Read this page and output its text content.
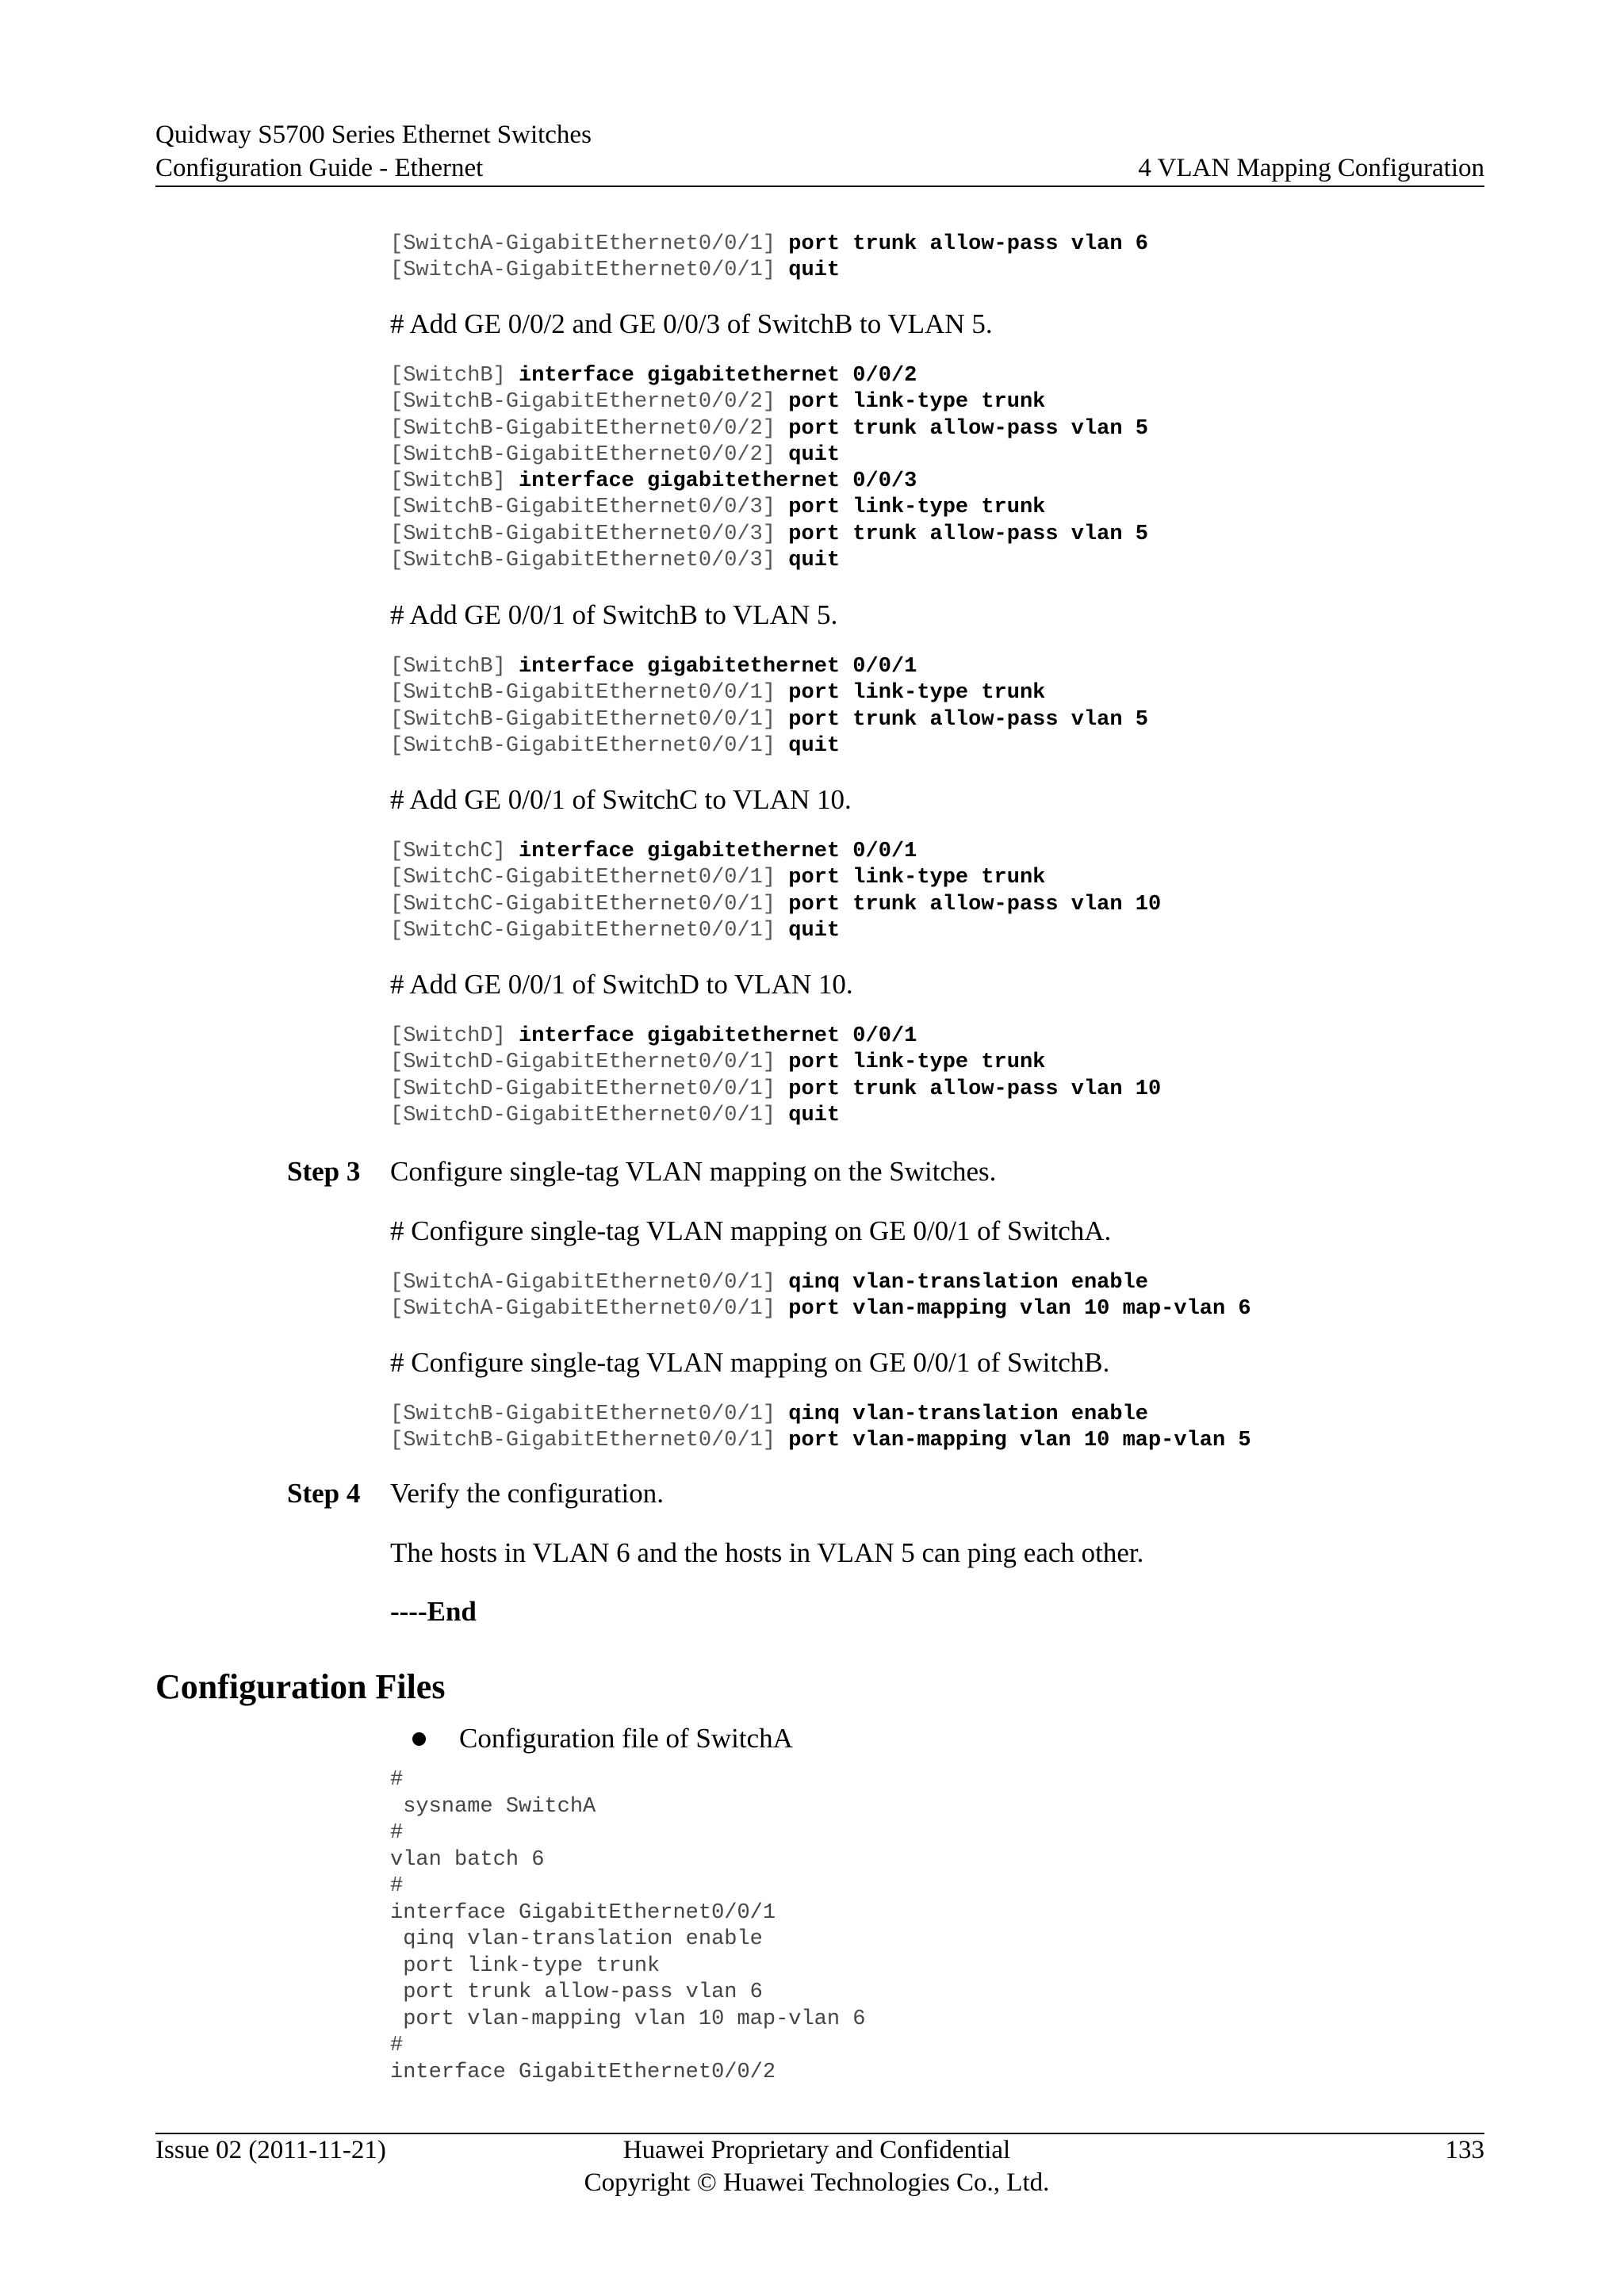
Quidway S5700 Series Ethernet Switches
Configuration Guide - Ethernet	4 VLAN Mapping Configuration
[SwitchA-GigabitEthernet0/0/1] port trunk allow-pass vlan 6
[SwitchA-GigabitEthernet0/0/1] quit
# Add GE 0/0/2 and GE 0/0/3 of SwitchB to VLAN 5.
[SwitchB] interface gigabitethernet 0/0/2
[SwitchB-GigabitEthernet0/0/2] port link-type trunk
[SwitchB-GigabitEthernet0/0/2] port trunk allow-pass vlan 5
[SwitchB-GigabitEthernet0/0/2] quit
[SwitchB] interface gigabitethernet 0/0/3
[SwitchB-GigabitEthernet0/0/3] port link-type trunk
[SwitchB-GigabitEthernet0/0/3] port trunk allow-pass vlan 5
[SwitchB-GigabitEthernet0/0/3] quit
# Add GE 0/0/1 of SwitchB to VLAN 5.
[SwitchB] interface gigabitethernet 0/0/1
[SwitchB-GigabitEthernet0/0/1] port link-type trunk
[SwitchB-GigabitEthernet0/0/1] port trunk allow-pass vlan 5
[SwitchB-GigabitEthernet0/0/1] quit
# Add GE 0/0/1 of SwitchC to VLAN 10.
[SwitchC] interface gigabitethernet 0/0/1
[SwitchC-GigabitEthernet0/0/1] port link-type trunk
[SwitchC-GigabitEthernet0/0/1] port trunk allow-pass vlan 10
[SwitchC-GigabitEthernet0/0/1] quit
# Add GE 0/0/1 of SwitchD to VLAN 10.
[SwitchD] interface gigabitethernet 0/0/1
[SwitchD-GigabitEthernet0/0/1] port link-type trunk
[SwitchD-GigabitEthernet0/0/1] port trunk allow-pass vlan 10
[SwitchD-GigabitEthernet0/0/1] quit
Step 3 Configure single-tag VLAN mapping on the Switches.
# Configure single-tag VLAN mapping on GE 0/0/1 of SwitchA.
[SwitchA-GigabitEthernet0/0/1] qinq vlan-translation enable
[SwitchA-GigabitEthernet0/0/1] port vlan-mapping vlan 10 map-vlan 6
# Configure single-tag VLAN mapping on GE 0/0/1 of SwitchB.
[SwitchB-GigabitEthernet0/0/1] qinq vlan-translation enable
[SwitchB-GigabitEthernet0/0/1] port vlan-mapping vlan 10 map-vlan 5
Step 4 Verify the configuration.
The hosts in VLAN 6 and the hosts in VLAN 5 can ping each other.
----End
Configuration Files
Configuration file of SwitchA
#
sysname SwitchA
#
vlan batch 6
#
interface GigabitEthernet0/0/1
qinq vlan-translation enable
port link-type trunk
port trunk allow-pass vlan 6
port vlan-mapping vlan 10 map-vlan 6
#
interface GigabitEthernet0/0/2
Issue 02 (2011-11-21)	Huawei Proprietary and Confidential
Copyright © Huawei Technologies Co., Ltd.
133
